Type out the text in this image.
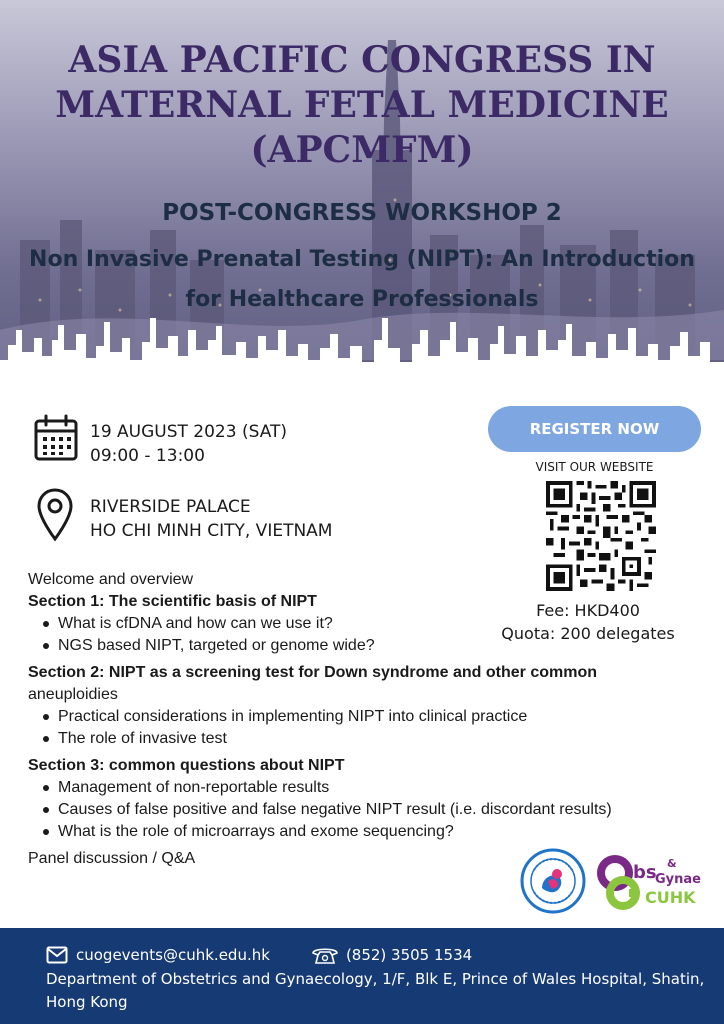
ASIA PACIFIC CONGRESS IN MATERNAL FETAL MEDICINE (APCMFM)
POST-CONGRESS WORKSHOP 2
Non Invasive Prenatal Testing (NIPT): An Introduction for Healthcare Professionals
19 AUGUST 2023 (SAT)
09:00 - 13:00
RIVERSIDE PALACE
HO CHI MINH CITY, VIETNAM
REGISTER NOW
VISIT OUR WEBSITE
Fee: HKD400
Quota: 200 delegates
Welcome and overview
Section 1: The scientific basis of NIPT
What is cfDNA and how can we use it?
NGS based NIPT, targeted or genome wide?
Section 2: NIPT as a screening test for Down syndrome and other common
aneuploidies
Practical considerations in implementing NIPT into clinical practice
The role of invasive test
Section 3: common questions about NIPT
Management of non-reportable results
Causes of false positive and false negative NIPT result (i.e. discordant results)
What is the role of microarrays and exome sequencing?
Panel discussion / Q&A
bs &
Gynae
CUHK
cuogevents@cuhk.edu.hk	(852) 3505 1534
Department of Obstetrics and Gynaecology, 1/F, Blk E, Prince of Wales Hospital, Shatin, Hong Kong
